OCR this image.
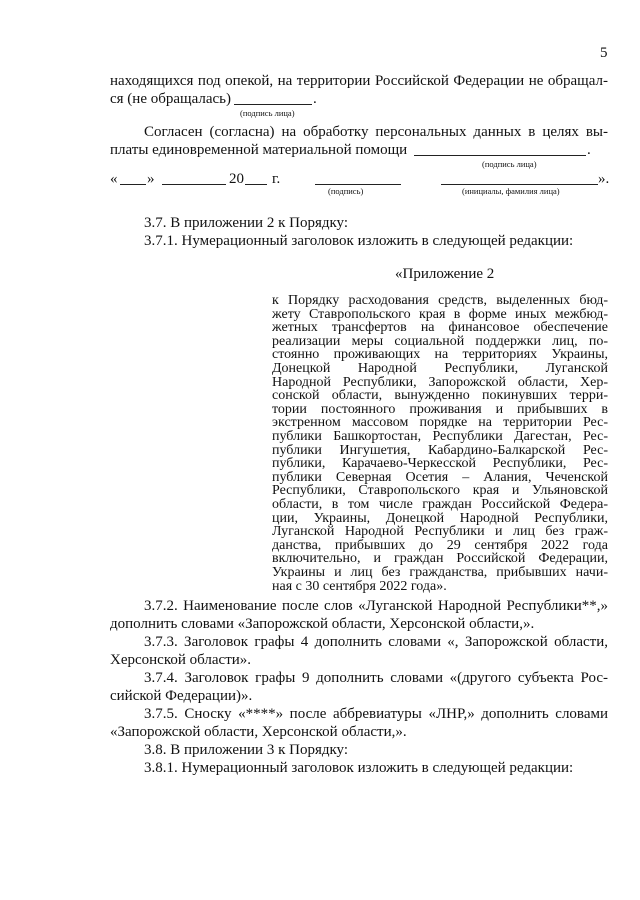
5
находящихся под опекой, на территории Российской Федерации не обращал-
ся (не обращалась)	.
(подпись лица)
Согласен (согласна) на обработку персональных данных в целях вы-
платы единовременной материальной помощи	.
(подпись лица)
« »	20 г.	».
(подпись)	(инициалы, фамилия лица)
3.7. В приложении 2 к Порядку:
3.7.1. Нумерационный заголовок изложить в следующей редакции:
«Приложение 2
к Порядку расходования средств, выделенных бюд-
жету Ставропольского края в форме иных межбюд-
жетных трансфертов на финансовое обеспечение
реализации меры социальной поддержки лиц, по-
стоянно проживающих на территориях Украины,
Донецкой Народной Республики, Луганской
Народной Республики, Запорожской области, Хер-
сонской области, вынужденно покинувших терри-
тории постоянного проживания и прибывших в
экстренном массовом порядке на территории Рес-
публики Башкортостан, Республики Дагестан, Рес-
публики Ингушетия, Кабардино-Балкарской Рес-
публики, Карачаево-Черкесской Республики, Рес-
публики Северная Осетия – Алания, Чеченской
Республики, Ставропольского края и Ульяновской
области, в том числе граждан Российской Федера-
ции, Украины, Донецкой Народной Республики,
Луганской Народной Республики и лиц без граж-
данства, прибывших до 29 сентября 2022 года
включительно, и граждан Российской Федерации,
Украины и лиц без гражданства, прибывших начи-
ная с 30 сентября 2022 года».
3.7.2. Наименование после слов «Луганской Народной Республики**,»
дополнить словами «Запорожской области, Херсонской области,».
3.7.3. Заголовок графы 4 дополнить словами «, Запорожской области,
Херсонской области».
3.7.4. Заголовок графы 9 дополнить словами «(другого субъекта Рос-
сийской Федерации)».
3.7.5. Сноску «****» после аббревиатуры «ЛНР,» дополнить словами
«Запорожской области, Херсонской области,».
3.8. В приложении 3 к Порядку:
3.8.1. Нумерационный заголовок изложить в следующей редакции:
